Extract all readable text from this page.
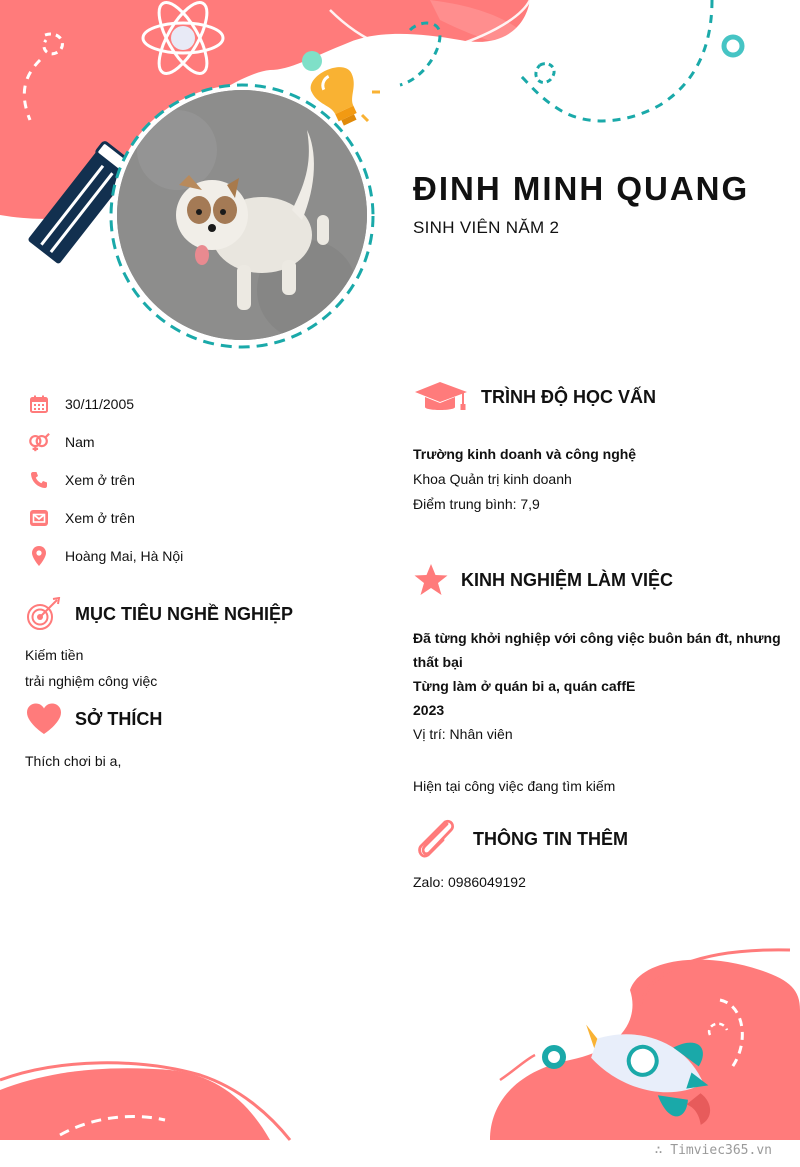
ĐINH MINH QUANG
SINH VIÊN NĂM 2
30/11/2005
Nam
Xem ở trên
Xem ở trên
Hoàng Mai, Hà Nội
MỤC TIÊU NGHỀ NGHIỆP
Kiếm tiền
trải nghiệm công việc
SỞ THÍCH
Thích chơi bi a,
TRÌNH ĐỘ HỌC VẤN
Trường kinh doanh và công nghệ
Khoa Quản trị kinh doanh
Điểm trung bình: 7,9
KINH NGHIỆM LÀM VIỆC
Đã từng khởi nghiệp với công việc buôn bán đt, nhưng
thất bại
Từng làm ở quán bi a, quán caffE
2023
Vị trí: Nhân viên
Hiện tại công việc đang tìm kiếm
THÔNG TIN THÊM
Zalo: 0986049192
∴ Timviec365.vn
